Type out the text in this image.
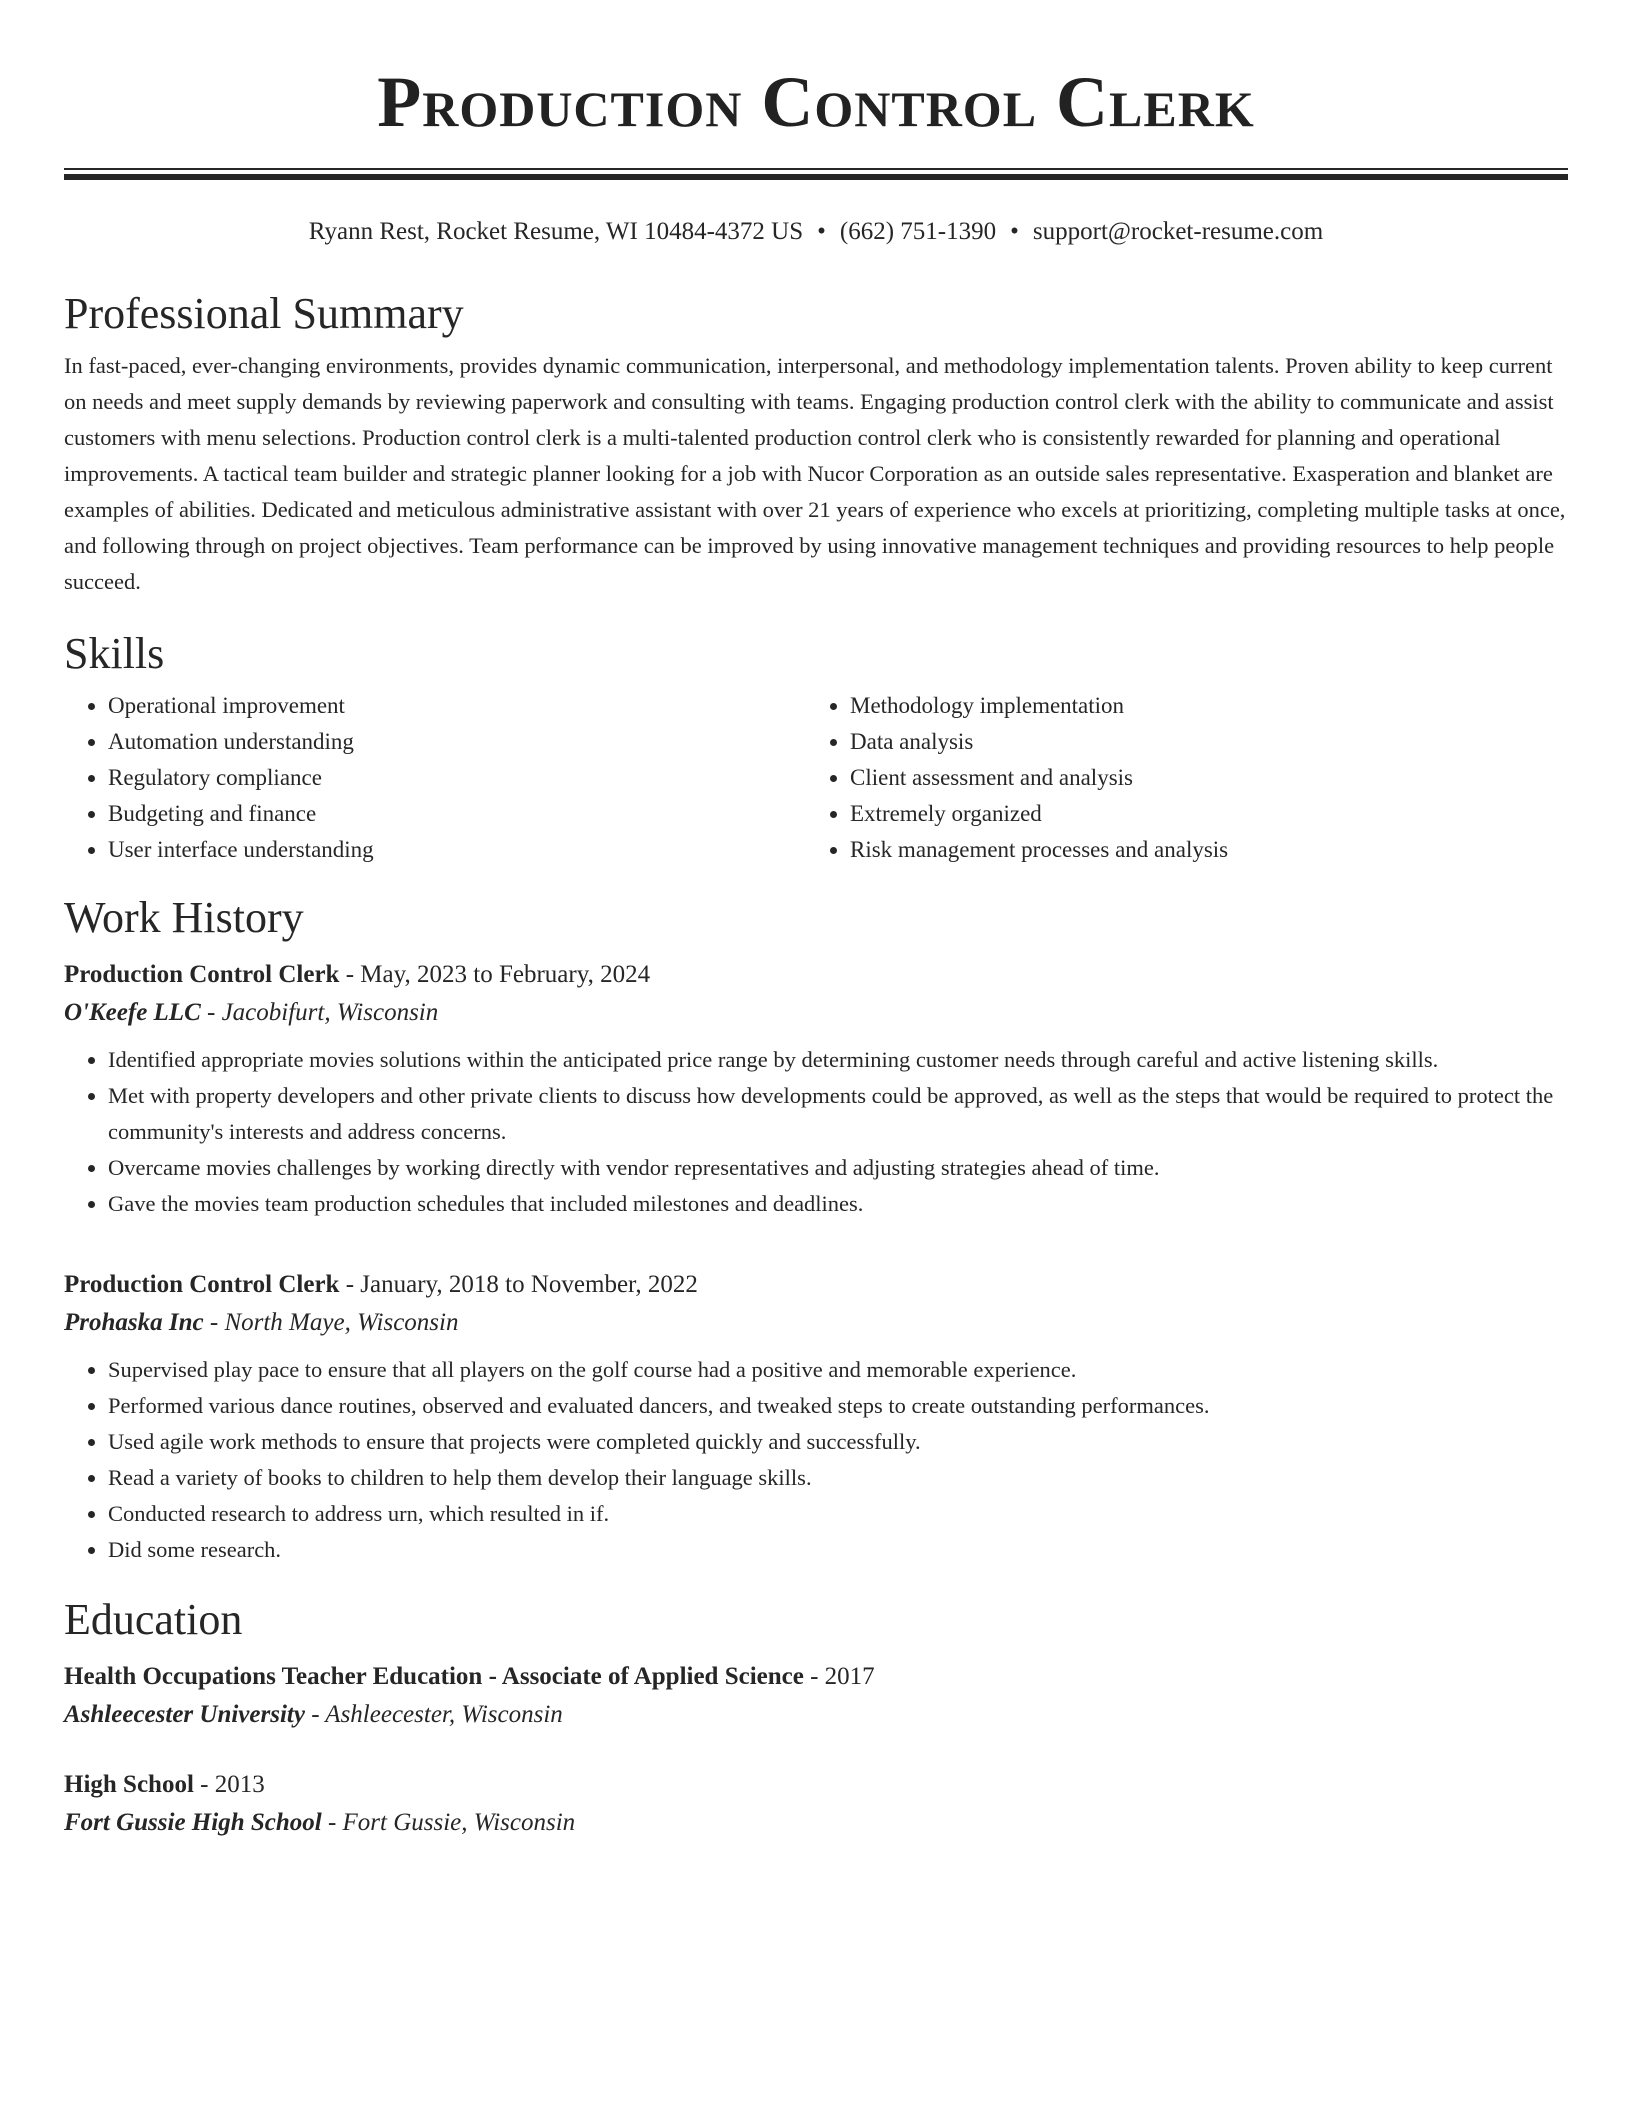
Production Control Clerk
Ryann Rest, Rocket Resume, WI 10484-4372 US • (662) 751-1390 • support@rocket-resume.com
Professional Summary

In fast-paced, ever-changing environments, provides dynamic communication, interpersonal, and methodology implementation talents. Proven ability to keep current on needs and meet supply demands by reviewing paperwork and consulting with teams. Engaging production control clerk with the ability to communicate and assist customers with menu selections. Production control clerk is a multi-talented production control clerk who is consistently rewarded for planning and operational improvements. A tactical team builder and strategic planner looking for a job with Nucor Corporation as an outside sales representative. Exasperation and blanket are examples of abilities. Dedicated and meticulous administrative assistant with over 21 years of experience who excels at prioritizing, completing multiple tasks at once, and following through on project objectives. Team performance can be improved by using innovative management techniques and providing resources to help people succeed.

Skills
• Operational improvement
• Automation understanding
• Regulatory compliance
• Budgeting and finance
• User interface understanding
• Methodology implementation
• Data analysis
• Client assessment and analysis
• Extremely organized
• Risk management processes and analysis
Work History
Production Control Clerk - May, 2023 to February, 2024
O'Keefe LLC - Jacobifurt, Wisconsin
• Identified appropriate movies solutions within the anticipated price range by determining customer needs through careful and active listening skills.
• Met with property developers and other private clients to discuss how developments could be approved, as well as the steps that would be required to protect the community's interests and address concerns.
• Overcame movies challenges by working directly with vendor representatives and adjusting strategies ahead of time.
• Gave the movies team production schedules that included milestones and deadlines.
Production Control Clerk - January, 2018 to November, 2022
Prohaska Inc - North Maye, Wisconsin
• Supervised play pace to ensure that all players on the golf course had a positive and memorable experience.
• Performed various dance routines, observed and evaluated dancers, and tweaked steps to create outstanding performances.
• Used agile work methods to ensure that projects were completed quickly and successfully.
• Read a variety of books to children to help them develop their language skills.
• Conducted research to address urn, which resulted in if.
• Did some research.
Education
Health Occupations Teacher Education - Associate of Applied Science - 2017
Ashleecester University - Ashleecester, Wisconsin
High School - 2013
Fort Gussie High School - Fort Gussie, Wisconsin
